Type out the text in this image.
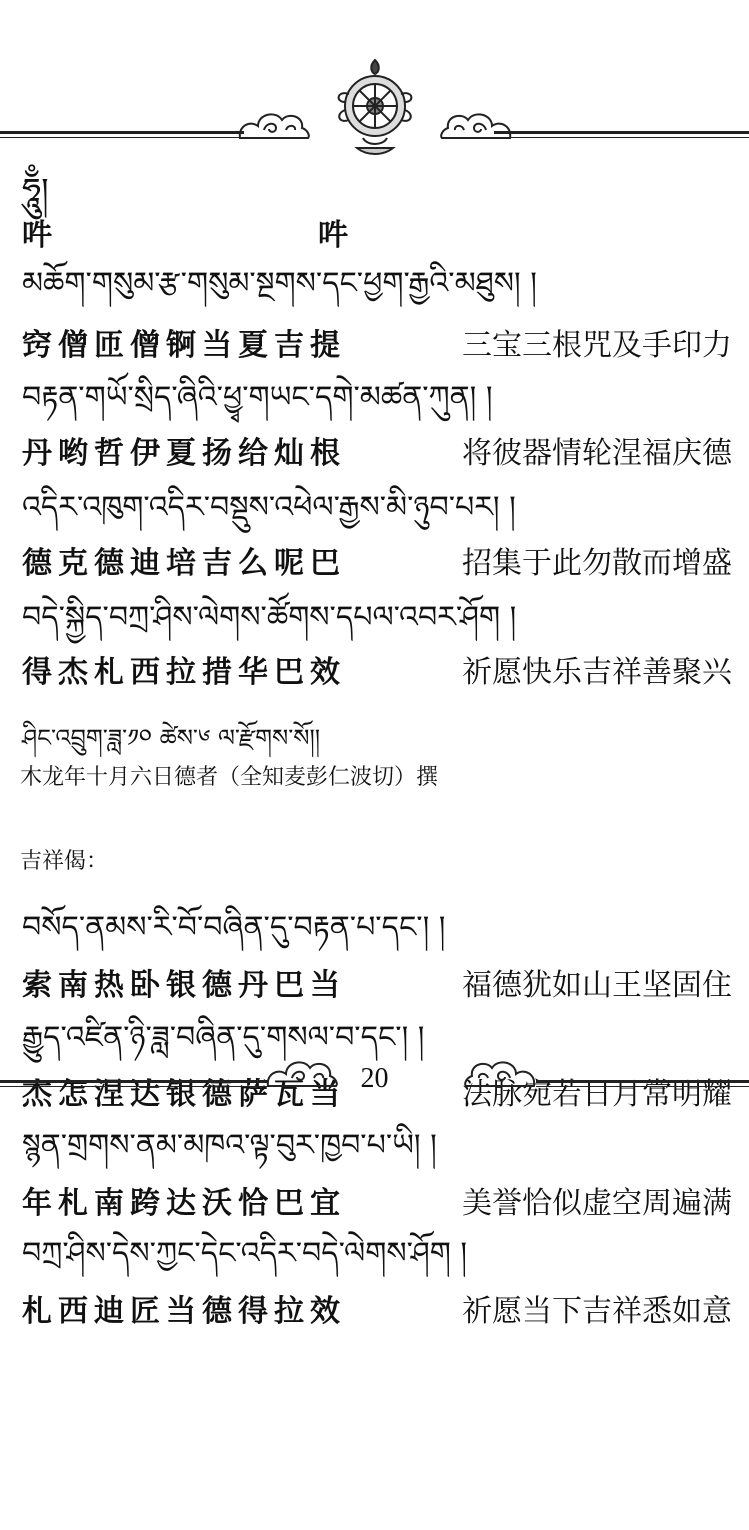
ཧཱུྃ།
吽	吽
མཆོག་གསུམ་རྩ་གསུམ་སྔགས་དང་ཕྱག་རྒྱའི་མཐུས། །
窍僧匝僧锕当夏吉提	三宝三根咒及手印力
བརྟན་གཡོ་སྲིད་ཞིའི་ཕྱྭ་གཡང་དགེ་མཚན་ཀུན། །
丹哟哲伊夏扬给灿根	将彼器情轮涅福庆德
འདིར་འཁུག་འདིར་བསྡུས་འཕེལ་རྒྱས་མི་ཉུབ་པར། །
德克德迪培吉么呢巴	招集于此勿散而增盛
བདེ་སྐྱིད་བཀྲ་ཤིས་ལེགས་ཚོགས་དཔལ་འབར་ཤོག །
得杰札西拉措华巴效	祈愿快乐吉祥善聚兴
ཤིང་འབྲུག་ཟླ་༡༠ ཚེས་༦ ལ་རྫོགས་སོ།།
木龙年十月六日德者（全知麦彭仁波切）撰
吉祥偈：
བསོད་ནམས་རི་བོ་བཞིན་དུ་བརྟན་པ་དང་། །
索南热卧银德丹巴当	福德犹如山王坚固住
རྒྱུད་འཛིན་ཉི་ཟླ་བཞིན་དུ་གསལ་བ་དང་། །
杰怎涅达银德萨瓦当	法脉宛若日月常明耀
སྙན་གྲགས་ནམ་མཁའ་ལྟ་བུར་ཁྱབ་པ་ཡི། །
年札南跨达沃恰巴宜	美誉恰似虚空周遍满
བཀྲ་ཤིས་དེས་ཀྱང་དེང་འདིར་བདེ་ལེགས་ཤོག །
札西迪匠当德得拉效	祈愿当下吉祥悉如意
20
